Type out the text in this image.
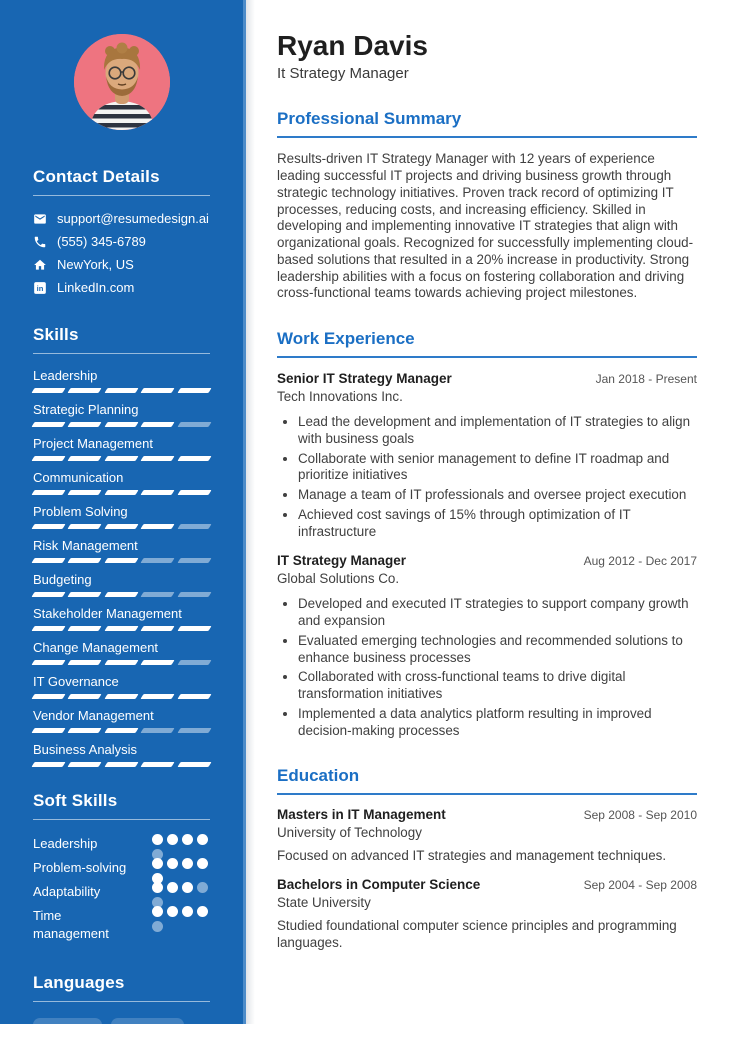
Contact Details
support@resumedesign.ai
(555) 345-6789
NewYork, US
in LinkedIn.com
Skills
Leadership
Strategic Planning
Project Management
Communication
Problem Solving
Risk Management
Budgeting
Stakeholder Management
Change Management
IT Governance
Vendor Management
Business Analysis
Soft Skills
Leadership
Problem-solving
Adaptability
Time management
Languages
English	Spanish
Ryan Davis
It Strategy Manager
Professional Summary

Results-driven IT Strategy Manager with 12 years of experience leading successful IT projects and driving business growth through strategic technology initiatives. Proven track record of optimizing IT processes, reducing costs, and increasing efficiency. Skilled in developing and implementing innovative IT strategies that align with organizational goals. Recognized for successfully implementing cloud-based solutions that resulted in a 20% increase in productivity. Strong leadership abilities with a focus on fostering collaboration and driving cross-functional teams towards achieving project milestones.

Work Experience
Senior IT Strategy Manager	Jan 2018 - Present
Tech Innovations Inc.
• Lead the development and implementation of IT strategies to align with business goals
• Collaborate with senior management to define IT roadmap and prioritize initiatives
• Manage a team of IT professionals and oversee project execution
• Achieved cost savings of 15% through optimization of IT infrastructure
IT Strategy Manager	Aug 2012 - Dec 2017
Global Solutions Co.
• Developed and executed IT strategies to support company growth and expansion
• Evaluated emerging technologies and recommended solutions to enhance business processes
• Collaborated with cross-functional teams to drive digital transformation initiatives
• Implemented a data analytics platform resulting in improved decision-making processes
Education
Masters in IT Management	Sep 2008 - Sep 2010
University of Technology

Focused on advanced IT strategies and management techniques.

Bachelors in Computer Science	Sep 2004 - Sep 2008
State University

Studied foundational computer science principles and programming languages.
